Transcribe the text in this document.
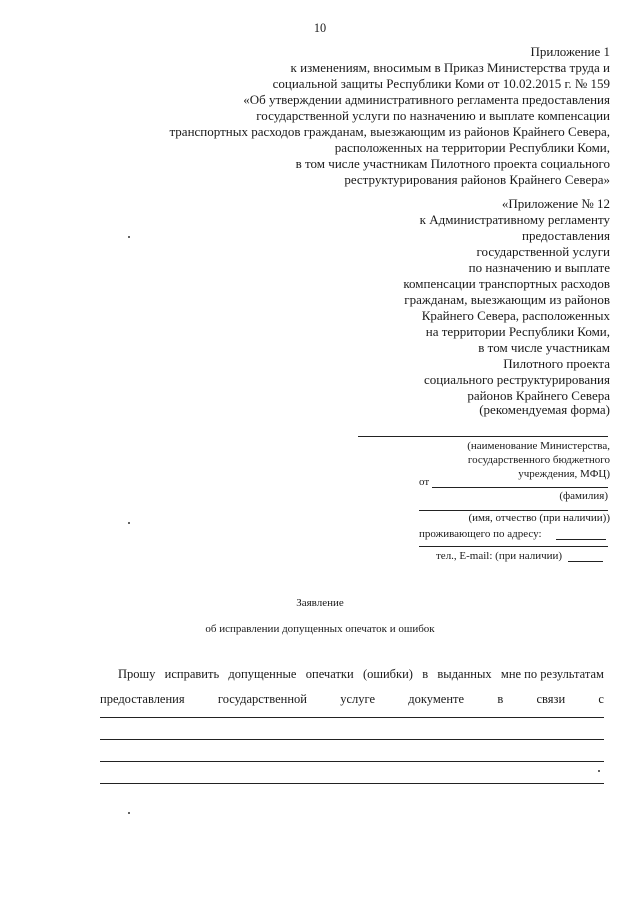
10
Приложение 1
к изменениям, вносимым в Приказ Министерства труда и
социальной защиты Республики Коми от 10.02.2015 г. № 159
«Об утверждении административного регламента предоставления
государственной услуги по назначению и выплате компенсации
транспортных расходов гражданам, выезжающим из районов Крайнего Севера,
расположенных на территории Республики Коми,
в том числе участникам Пилотного проекта социального
реструктурирования районов Крайнего Севера»
«Приложение № 12
к Административному регламенту
предоставления
государственной услуги
по назначению и выплате
компенсации транспортных расходов
гражданам, выезжающим из районов
Крайнего Севера, расположенных
на территории Республики Коми,
в том числе участникам
Пилотного проекта
социального реструктурирования
районов Крайнего Севера
(рекомендуемая форма)
(наименование Министерства,
государственного бюджетного
учреждения, МФЦ)
от
(фамилия)
(имя, отчество (при наличии))
проживающего по адресу:
тел., E-mail: (при наличии)
Заявление
об исправлении допущенных опечаток и ошибок
Прошу исправить допущенные опечатки (ошибки) в выданных мне по результатам
предоставления	государственной	услуге	документе	в	связи	с
